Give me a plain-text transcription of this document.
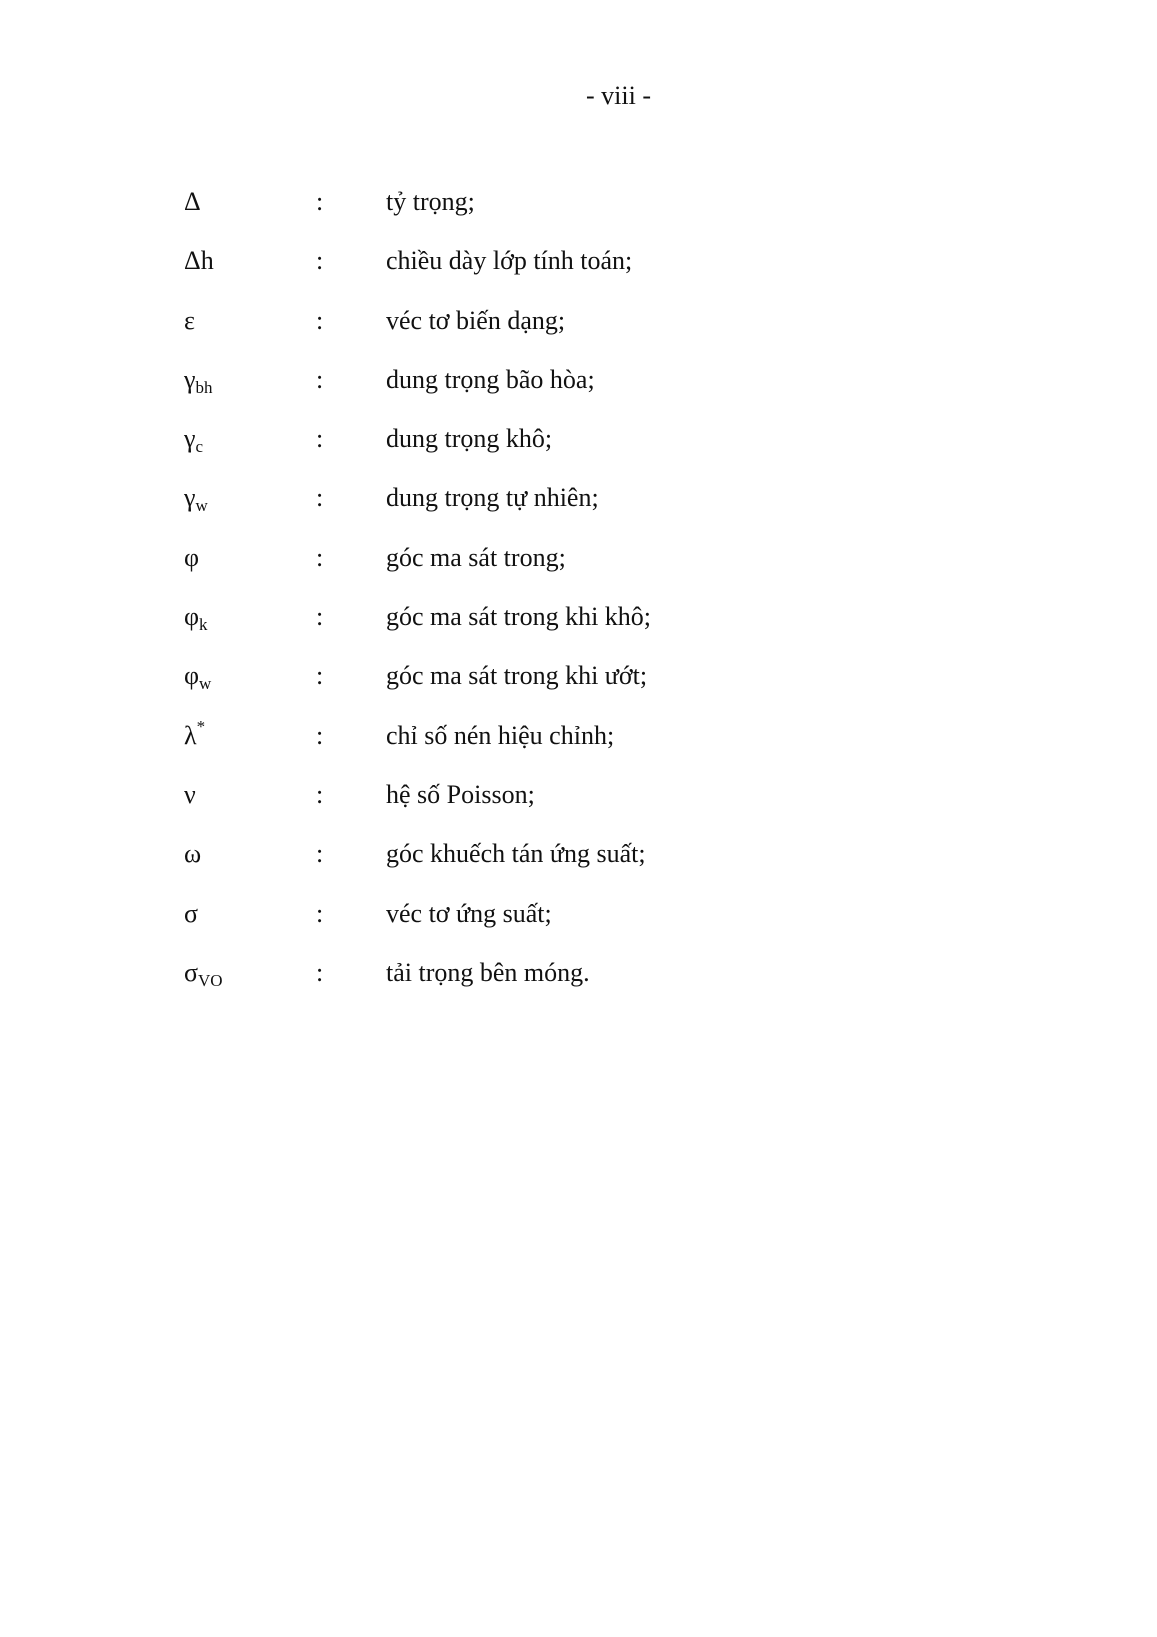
- viii -
Δ	:	tỷ trọng;
Δh	:	chiều dày lớp tính toán;
ε	:	véc tơ biến dạng;
$\gamma_{bh}$	:	dung trọng bão hòa;
$\gamma_c$	:	dung trọng khô;
$\gamma_w$	:	dung trọng tự nhiên;
φ	:	góc ma sát trong;
$\varphi_k$	:	góc ma sát trong khi khô;
$\varphi_w$	:	góc ma sát trong khi ướt;
λ*	:	chỉ số nén hiệu chỉnh;
ν	:	hệ số Poisson;
ω	:	góc khuếch tán ứng suất;
σ	:	véc tơ ứng suất;
$\sigma_{VO}$	:	tải trọng bên móng.
